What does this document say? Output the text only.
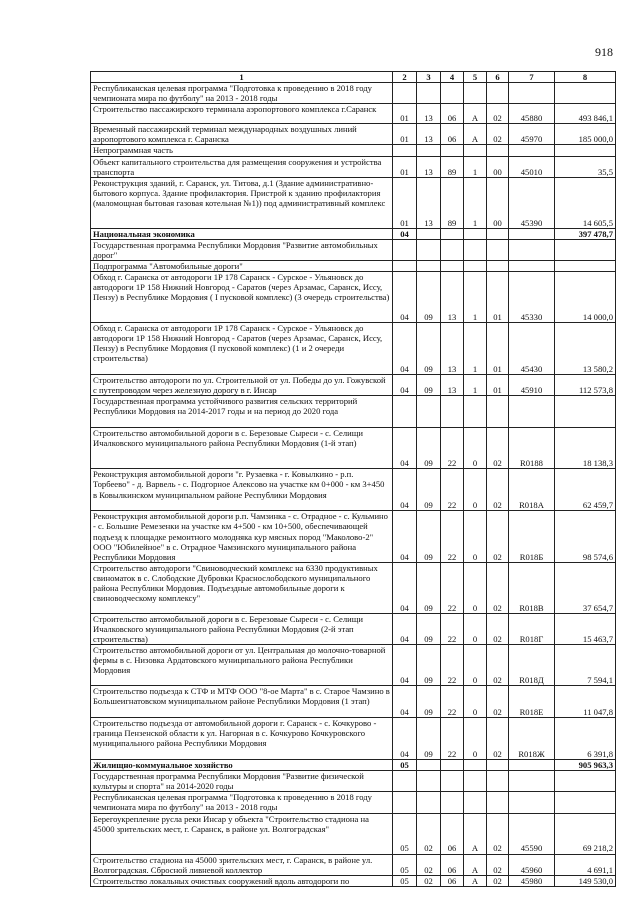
918
1	2	3	4	5	6	7	8
Республиканская целевая программа "Подготовка к проведению в 2018 году чемпионата мира по футболу" на 2013 - 2018 годы							
Строительство пассажирского терминала аэропортового комплекса г.Саранск	01	13	06	А	02	45880	493 846,1
Временный пассажирский терминал международных воздушных линий аэропортового комплекса г. Саранска	01	13	06	А	02	45970	185 000,0
Непрограммная часть							
Объект капитального строительства для размещения сооружения и устройства транспорта	01	13	89	1	00	45010	35,5
Реконструкция зданий, г. Саранск, ул. Титова, д.1 (Здание административно-бытового корпуса. Здание профилактория. Пристрой к зданию профилактория (маломощная бытовая газовая котельная №1)) под административный комплекс	01	13	89	1	00	45390	14 605,5
Национальная экономика	04						397 478,7
Государственная программа Республики Мордовия "Развитие автомобильных дорог"							
Подпрограмма "Автомобильные дороги"							
Обход г. Саранска от автодороги 1Р 178 Саранск - Сурское - Ульяновск до автодороги 1Р 158 Нижний Новгород - Саратов (через Арзамас, Саранск, Иссу, Пензу) в Республике Мордовия ( I пусковой комплекс) (3 очередь строительства)	04	09	13	1	01	45330	14 000,0
Обход г. Саранска от автодороги 1Р 178 Саранск - Сурское - Ульяновск до автодороги 1Р 158 Нижний Новгород - Саратов (через Арзамас, Саранск, Иссу, Пензу) в Республике Мордовия (I пусковой комплекс) (1 и 2 очереди строительства)	04	09	13	1	01	45430	13 580,2
Строительство автодороги по ул. Строительной от ул. Победы до ул. Гожувской с путепроводом через железную дорогу в г. Инсар	04	09	13	1	01	45910	112 573,8
Государственная программа устойчивого развития сельских территорий Республики Мордовия на 2014-2017 годы и на период до 2020 года							
Строительство автомобильной дороги в с. Березовые Сыреси - с. Селищи Ичалковского муниципального района Республики Мордовия (1-й этап)	04	09	22	0	02	R0188	18 138,3
Реконструкция автомобильной дороги "г. Рузаевка - г. Ковылкино - р.п. Торбеево" - д. Варвель - с. Подгорное Алексово на участке км 0+000 - км 3+450 в Ковылкинском муниципальном районе Республики Мордовия	04	09	22	0	02	R018А	62 459,7
Реконструкция автомобильной дороги р.п. Чамзинка - с. Отрадное - с. Кульмино - с. Большие Ремезенки на участке км 4+500 - км 10+500, обеспечивающей подъезд к площадке ремонтного молодняка кур мясных пород "Маколово-2" ООО "Юбилейное" в с. Отрадное Чамзинского муниципального района Республики Мордовия	04	09	22	0	02	R018Б	98 574,6
Строительство автодороги "Свиноводческий комплекс на 6330 продуктивных свиноматок в с. Слободские Дубровки Краснослободского муниципального района Республики Мордовия. Подъездные автомобильные дороги к свиноводческому комплексу"	04	09	22	0	02	R018В	37 654,7
Строительство автомобильной дороги в с. Березовые Сыреси - с. Селищи Ичалковского муниципального района Республики Мордовия (2-й этап строительства)	04	09	22	0	02	R018Г	15 463,7
Строительство автомобильной дороги от ул. Центральная до молочно-товарной фермы в с. Низовка Ардатовского муниципального района Республики Мордовия	04	09	22	0	02	R018Д	7 594,1
Строительство подъезда к СТФ и МТФ ООО "8-ое Марта" в с. Старое Чамзино в Большеигнатовском муниципальном районе Республики Мордовия (1 этап)	04	09	22	0	02	R018Е	11 047,8
Строительство подъезда от автомобильной дороги г. Саранск - с. Кочкурово - граница Пензенской области к ул. Нагорная в с. Кочкурово Кочкуровского муниципального района Республики Мордовия	04	09	22	0	02	R018Ж	6 391,8
Жилищно-коммунальное хозяйство	05						905 963,3
Государственная программа Республики Мордовия "Развитие физической культуры и спорта" на 2014-2020 годы							
Республиканская целевая программа "Подготовка к проведению в 2018 году чемпионата мира по футболу" на 2013 - 2018 годы							
Берегоукрепление русла реки Инсар у объекта "Строительство стадиона на 45000 зрительских мест, г. Саранск, в районе ул. Волгоградская"	05	02	06	А	02	45590	69 218,2
Строительство стадиона на 45000 зрительских мест, г. Саранск, в районе ул. Волгоградская. Сбросной ливневой коллектор	05	02	06	А	02	45960	4 691,1
Строительство локальных очистных сооружений вдоль автодороги по	05	02	06	А	02	45980	149 530,0
